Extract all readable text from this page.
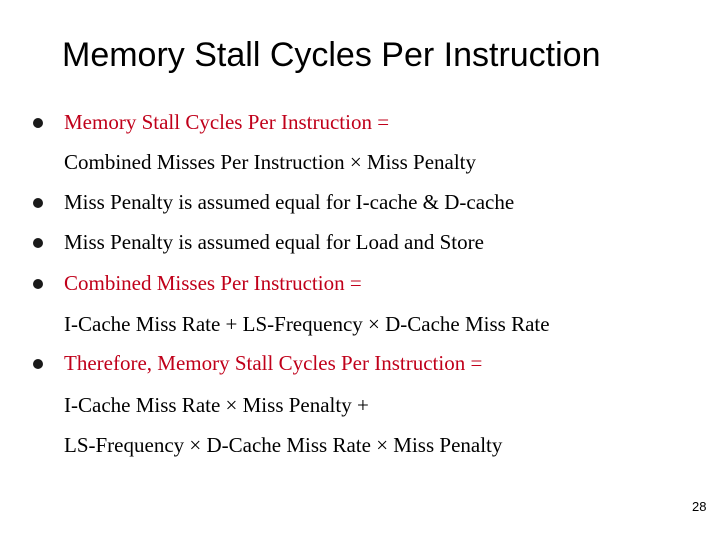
Memory Stall Cycles Per Instruction
Memory Stall Cycles Per Instruction =
Combined Misses Per Instruction × Miss Penalty
Miss Penalty is assumed equal for I-cache & D-cache
Miss Penalty is assumed equal for Load and Store
Combined Misses Per Instruction =
I-Cache Miss Rate + LS-Frequency × D-Cache Miss Rate
Therefore, Memory Stall Cycles Per Instruction =
I-Cache Miss Rate × Miss Penalty +
LS-Frequency × D-Cache Miss Rate × Miss Penalty
28
